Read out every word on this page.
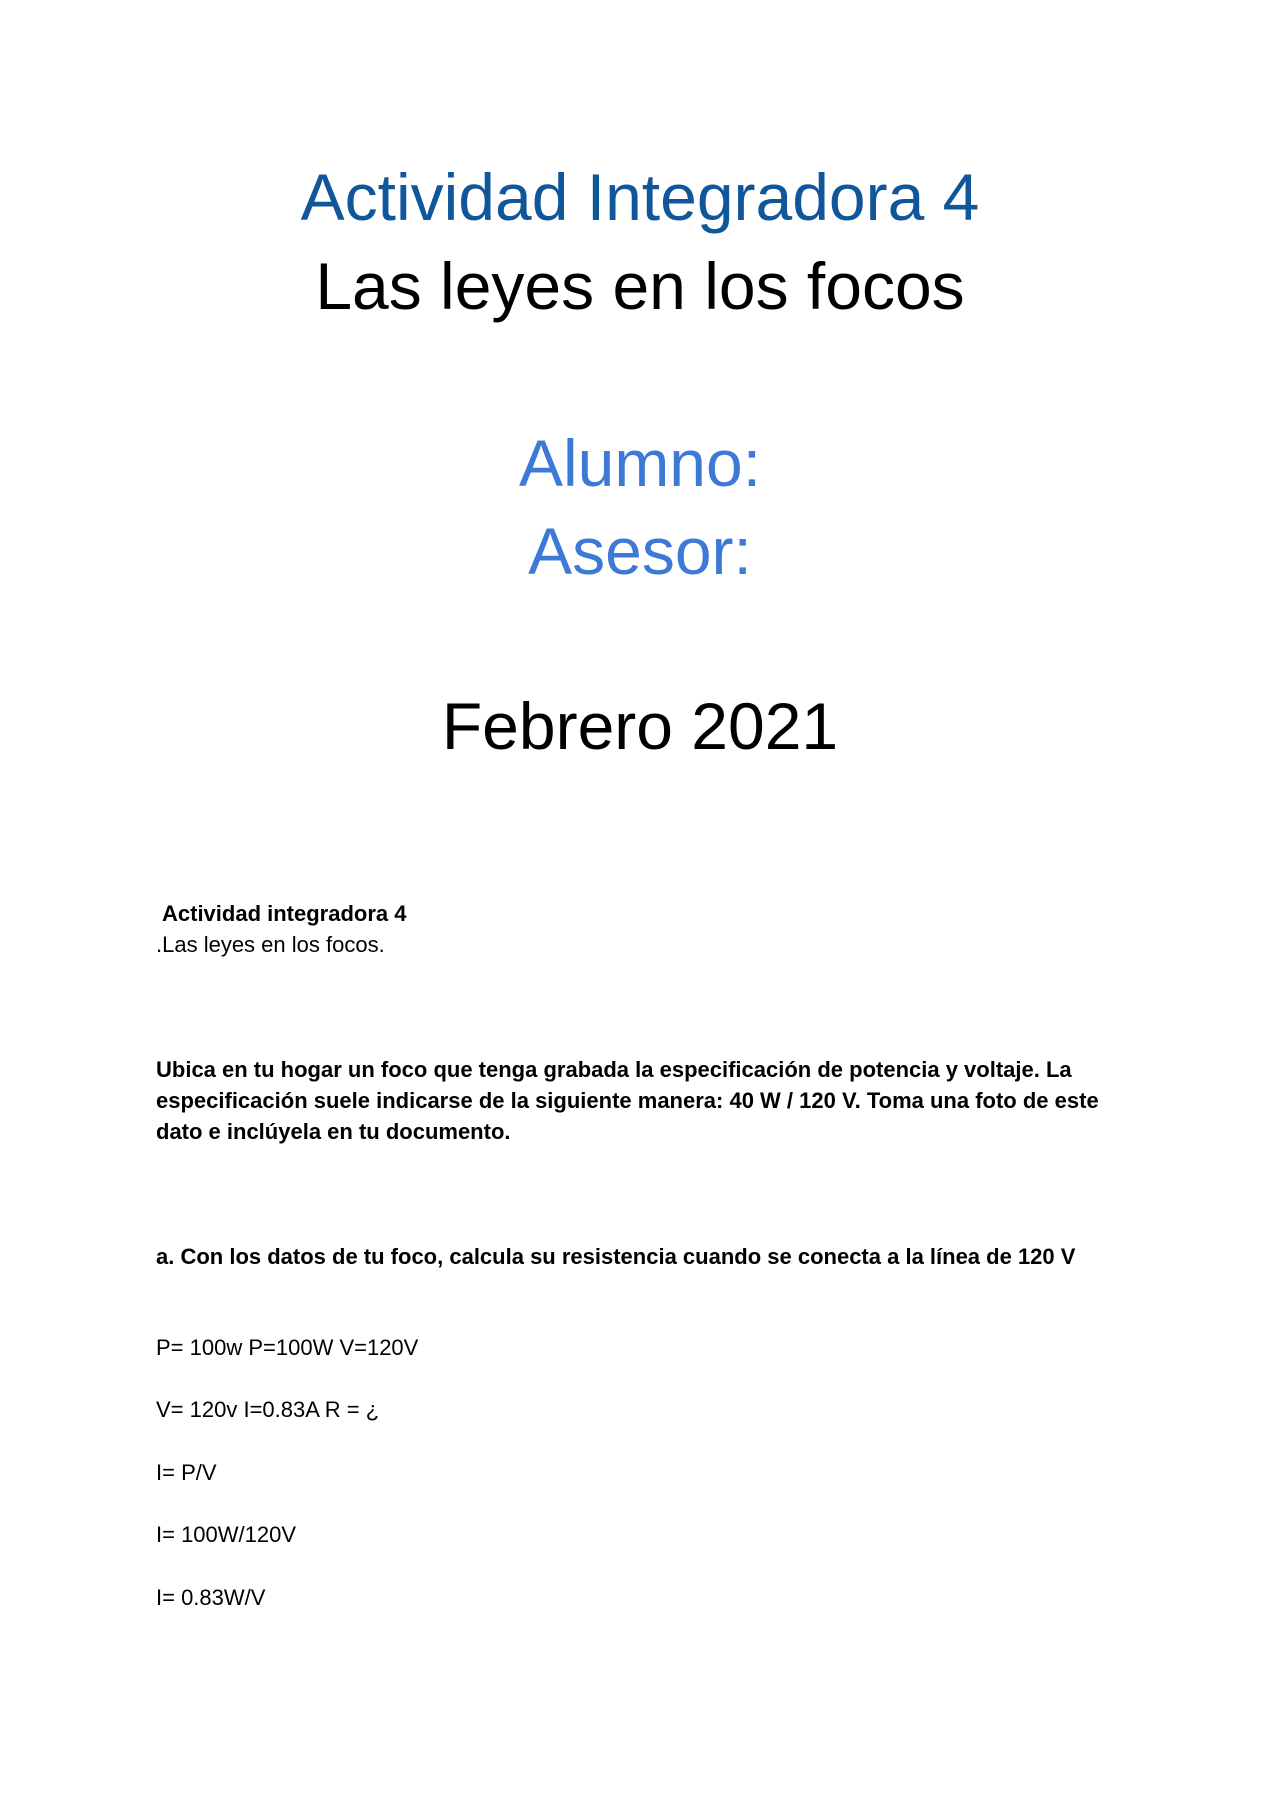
Actividad Integradora 4
Las leyes en los focos
Alumno:
Asesor:
Febrero 2021
Actividad integradora 4
.Las leyes en los focos.
Ubica en tu hogar un foco que tenga grabada la especificación de potencia y voltaje. La especificación suele indicarse de la siguiente manera: 40 W / 120 V. Toma una foto de este dato e inclúyela en tu documento.
a. Con los datos de tu foco, calcula su resistencia cuando se conecta a la línea de 120 V
P= 100w P=100W V=120V
V= 120v I=0.83A R = ¿
I= P/V
I= 100W/120V
I= 0.83W/V
